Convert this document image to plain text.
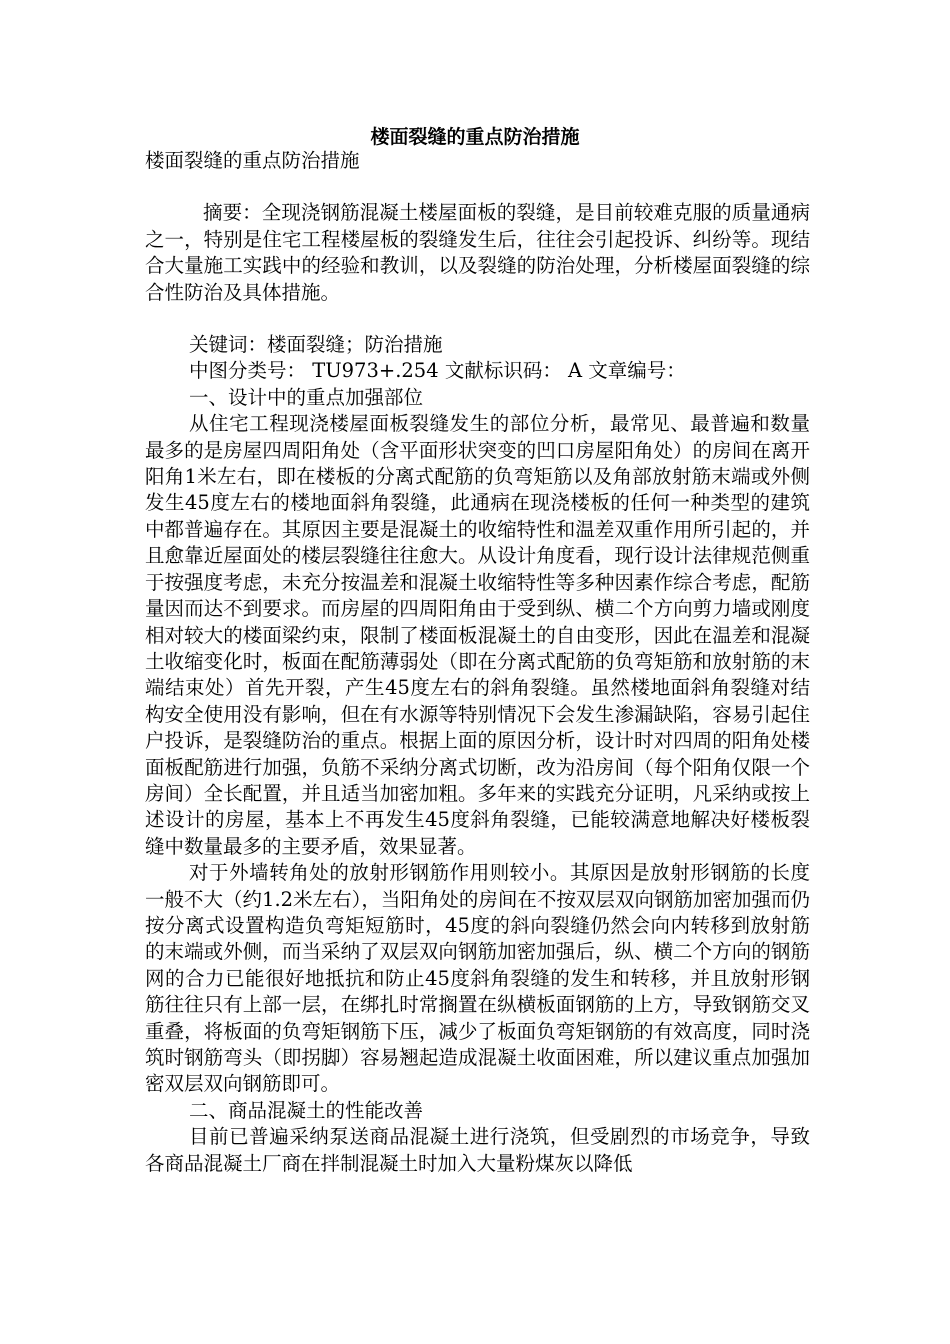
楼面裂缝的重点防治措施

楼面裂缝的重点防治措施

摘要：全现浇钢筋混凝土楼屋面板的裂缝，是目前较难克服的质量通病之一，特别是住宅工程楼屋板的裂缝发生后，往往会引起投诉、纠纷等。现结合大量施工实践中的经验和教训，以及裂缝的防治处理，分析楼屋面裂缝的综合性防治及具体措施。

关键词：楼面裂缝；防治措施

中图分类号： TU973+.254 文献标识码： A 文章编号：

一、设计中的重点加强部位

从住宅工程现浇楼屋面板裂缝发生的部位分析，最常见、最普遍和数量最多的是房屋四周阳角处（含平面形状突变的凹口房屋阳角处）的房间在离开阳角1米左右，即在楼板的分离式配筋的负弯矩筋以及角部放射筋末端或外侧发生45度左右的楼地面斜角裂缝，此通病在现浇楼板的任何一种类型的建筑中都普遍存在。其原因主要是混凝土的收缩特性和温差双重作用所引起的，并且愈靠近屋面处的楼层裂缝往往愈大。从设计角度看，现行设计法律规范侧重于按强度考虑，未充分按温差和混凝土收缩特性等多种因素作综合考虑，配筋量因而达不到要求。而房屋的四周阳角由于受到纵、横二个方向剪力墙或刚度相对较大的楼面梁约束，限制了楼面板混凝土的自由变形，因此在温差和混凝土收缩变化时，板面在配筋薄弱处（即在分离式配筋的负弯矩筋和放射筋的末端结束处）首先开裂，产生45度左右的斜角裂缝。虽然楼地面斜角裂缝对结构安全使用没有影响，但在有水源等特别情况下会发生渗漏缺陷，容易引起住户投诉，是裂缝防治的重点。根据上面的原因分析，设计时对四周的阳角处楼面板配筋进行加强，负筋不采纳分离式切断，改为沿房间（每个阳角仅限一个房间）全长配置，并且适当加密加粗。多年来的实践充分证明，凡采纳或按上述设计的房屋，基本上不再发生45度斜角裂缝，已能较满意地解决好楼板裂缝中数量最多的主要矛盾，效果显著。

对于外墙转角处的放射形钢筋作用则较小。其原因是放射形钢筋的长度一般不大（约1.2米左右），当阳角处的房间在不按双层双向钢筋加密加强而仍按分离式设置构造负弯矩短筋时，45度的斜向裂缝仍然会向内转移到放射筋的末端或外侧，而当采纳了双层双向钢筋加密加强后，纵、横二个方向的钢筋网的合力已能很好地抵抗和防止45度斜角裂缝的发生和转移，并且放射形钢筋往往只有上部一层，在绑扎时常搁置在纵横板面钢筋的上方，导致钢筋交叉重叠，将板面的负弯矩钢筋下压，减少了板面负弯矩钢筋的有效高度，同时浇筑时钢筋弯头（即拐脚）容易翘起造成混凝土收面困难，所以建议重点加强加密双层双向钢筋即可。

二、商品混凝土的性能改善

目前已普遍采纳泵送商品混凝土进行浇筑，但受剧烈的市场竞争，导致各商品混凝土厂商在拌制混凝土时加入大量粉煤灰以降低
